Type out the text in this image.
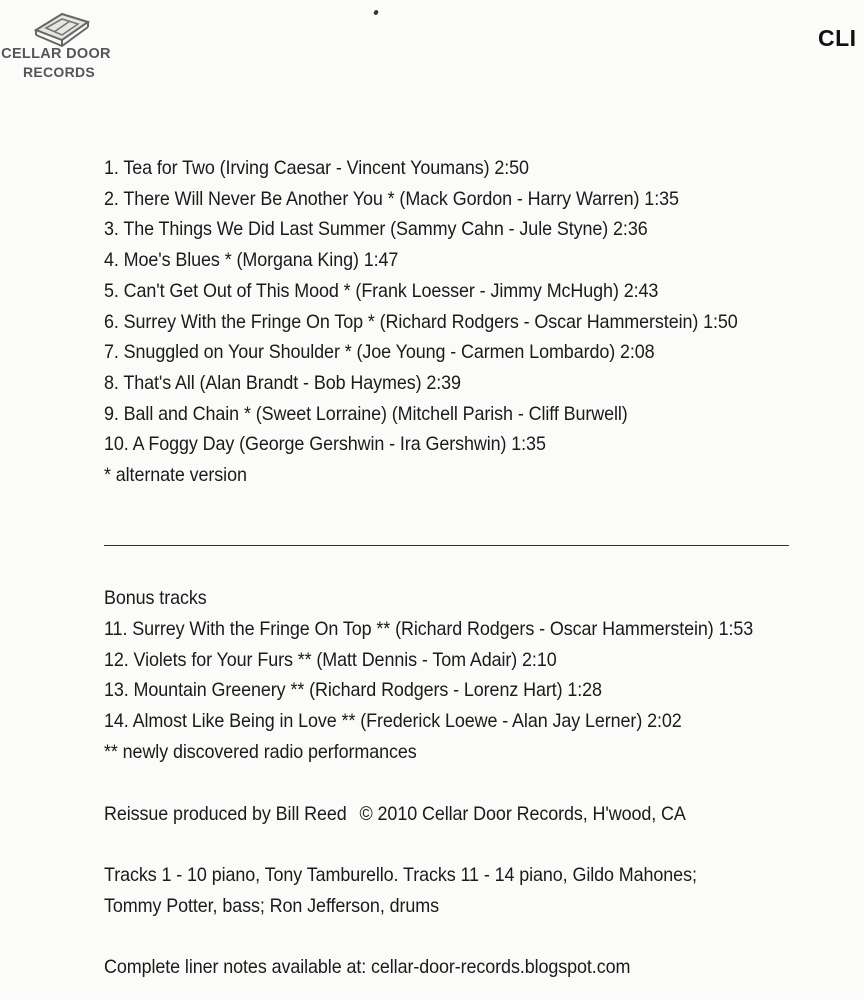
CELLAR DOOR
RECORDS
CLI
1. Tea for Two (Irving Caesar - Vincent Youmans) 2:50
2. There Will Never Be Another You * (Mack Gordon - Harry Warren) 1:35
3. The Things We Did Last Summer (Sammy Cahn - Jule Styne) 2:36
4. Moe's Blues * (Morgana King) 1:47
5. Can't Get Out of This Mood * (Frank Loesser - Jimmy McHugh) 2:43
6. Surrey With the Fringe On Top * (Richard Rodgers - Oscar Hammerstein) 1:50
7. Snuggled on Your Shoulder * (Joe Young - Carmen Lombardo) 2:08
8. That's All (Alan Brandt - Bob Haymes) 2:39
9. Ball and Chain * (Sweet Lorraine) (Mitchell Parish - Cliff Burwell)
10. A Foggy Day (George Gershwin - Ira Gershwin) 1:35
* alternate version
Bonus tracks
11. Surrey With the Fringe On Top ** (Richard Rodgers - Oscar Hammerstein) 1:53
12. Violets for Your Furs ** (Matt Dennis - Tom Adair) 2:10
13. Mountain Greenery ** (Richard Rodgers - Lorenz Hart) 1:28
14. Almost Like Being in Love ** (Frederick Loewe - Alan Jay Lerner) 2:02
** newly discovered radio performances
Reissue produced by Bill Reed © 2010 Cellar Door Records, H'wood, CA
Tracks 1 - 10 piano, Tony Tamburello. Tracks 11 - 14 piano, Gildo Mahones;
Tommy Potter, bass; Ron Jefferson, drums
Complete liner notes available at: cellar-door-records.blogspot.com
